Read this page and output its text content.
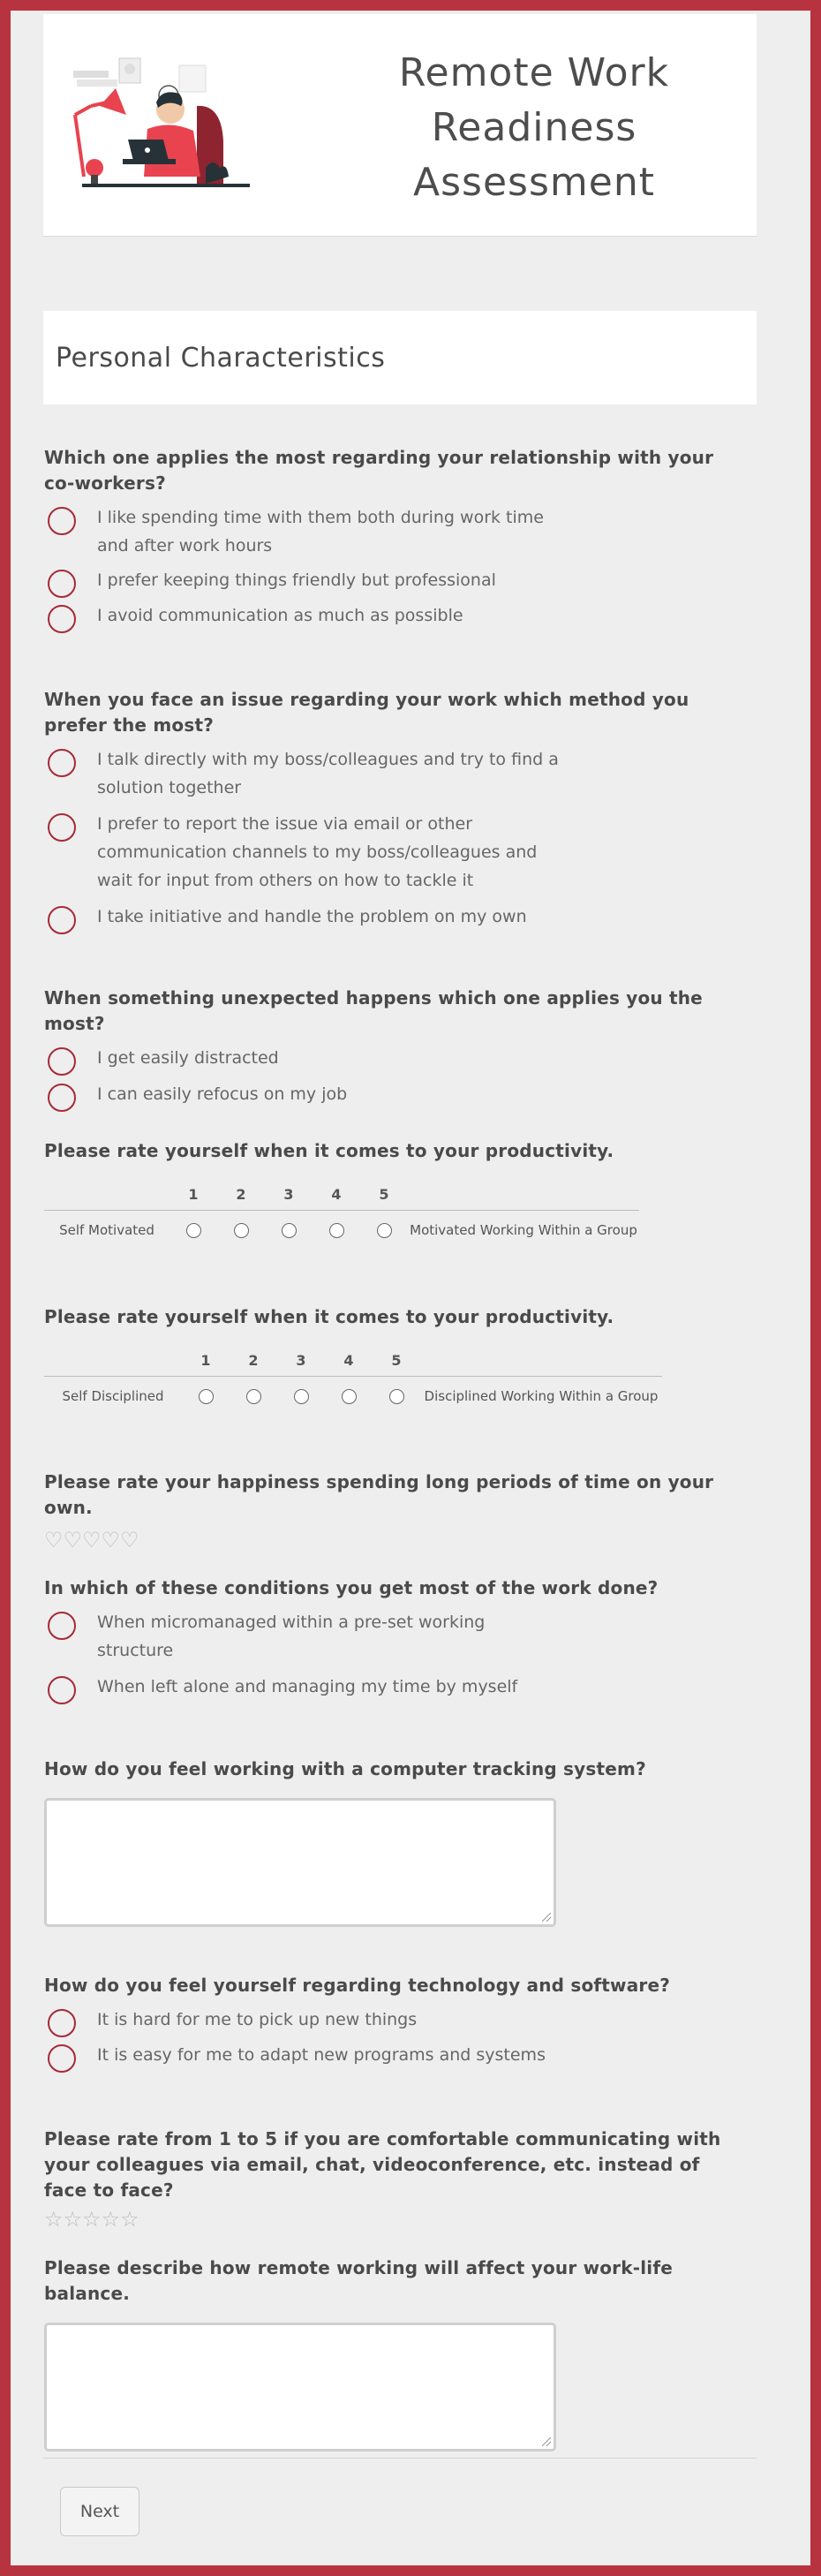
Remote Work Readiness Assessment
Personal Characteristics
Which one applies the most regarding your relationship with your co-workers?
I like spending time with them both during work time and after work hours
I prefer keeping things friendly but professional
I avoid communication as much as possible
When you face an issue regarding your work which method you prefer the most?
I talk directly with my boss/colleagues and try to find a solution together
I prefer to report the issue via email or other communication channels to my boss/colleagues and wait for input from others on how to tackle it
I take initiative and handle the problem on my own
When something unexpected happens which one applies you the most?
I get easily distracted
I can easily refocus on my job
Please rate yourself when it comes to your productivity.
	1	2	3	4	5	
Self Motivated						Motivated Working Within a Group
Please rate yourself when it comes to your productivity.
	1	2	3	4	5	
Self Disciplined						Disciplined Working Within a Group
Please rate your happiness spending long periods of time on your own.
♡♡♡♡♡
In which of these conditions you get most of the work done?
When micromanaged within a pre-set working structure
When left alone and managing my time by myself
How do you feel working with a computer tracking system?
How do you feel yourself regarding technology and software?
It is hard for me to pick up new things
It is easy for me to adapt new programs and systems
Please rate from 1 to 5 if you are comfortable communicating with your colleagues via email, chat, videoconference, etc. instead of face to face?
☆☆☆☆☆
Please describe how remote working will affect your work-life balance.
Next
